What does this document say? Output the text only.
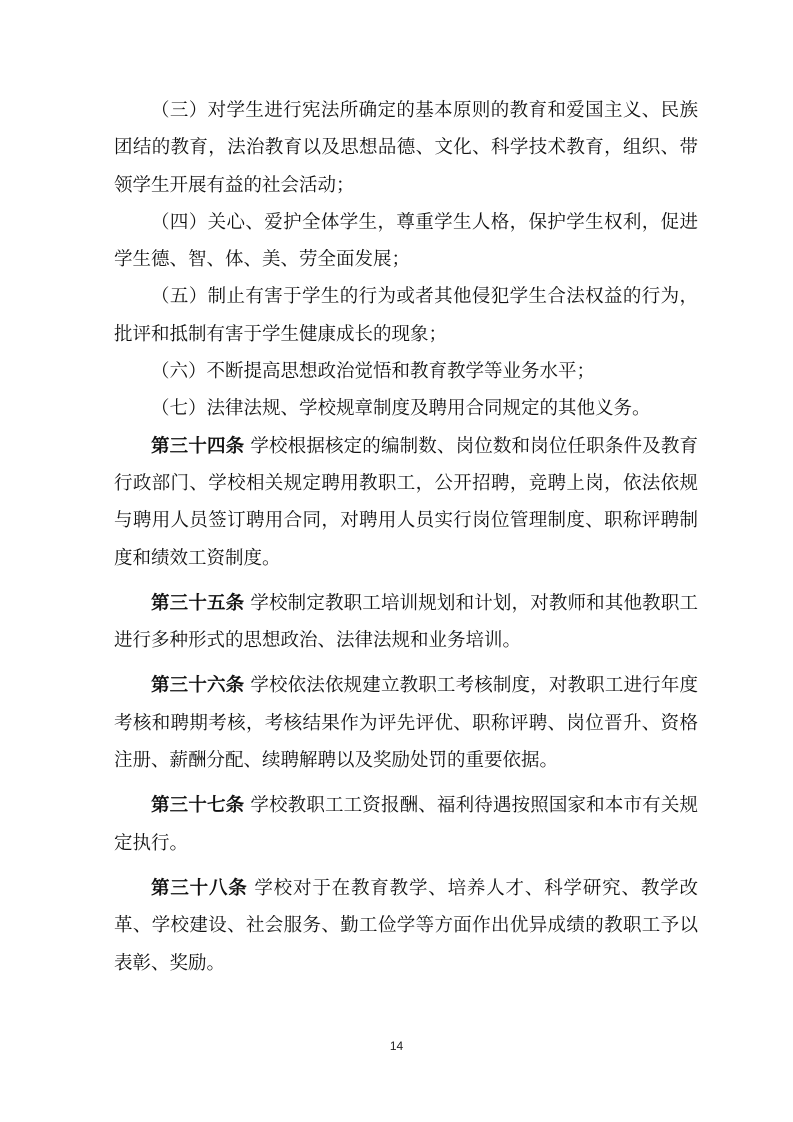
（三）对学生进行宪法所确定的基本原则的教育和爱国主义、民族团结的教育，法治教育以及思想品德、文化、科学技术教育，组织、带领学生开展有益的社会活动；

（四）关心、爱护全体学生，尊重学生人格，保护学生权利，促进学生德、智、体、美、劳全面发展；

（五）制止有害于学生的行为或者其他侵犯学生合法权益的行为，批评和抵制有害于学生健康成长的现象；

（六）不断提高思想政治觉悟和教育教学等业务水平；

（七）法律法规、学校规章制度及聘用合同规定的其他义务。

第三十四条 学校根据核定的编制数、岗位数和岗位任职条件及教育行政部门、学校相关规定聘用教职工，公开招聘，竞聘上岗，依法依规与聘用人员签订聘用合同，对聘用人员实行岗位管理制度、职称评聘制度和绩效工资制度。

第三十五条 学校制定教职工培训规划和计划，对教师和其他教职工进行多种形式的思想政治、法律法规和业务培训。

第三十六条 学校依法依规建立教职工考核制度，对教职工进行年度考核和聘期考核，考核结果作为评先评优、职称评聘、岗位晋升、资格注册、薪酬分配、续聘解聘以及奖励处罚的重要依据。

第三十七条 学校教职工工资报酬、福利待遇按照国家和本市有关规定执行。

第三十八条 学校对于在教育教学、培养人才、科学研究、教学改革、学校建设、社会服务、勤工俭学等方面作出优异成绩的教职工予以表彰、奖励。

14
